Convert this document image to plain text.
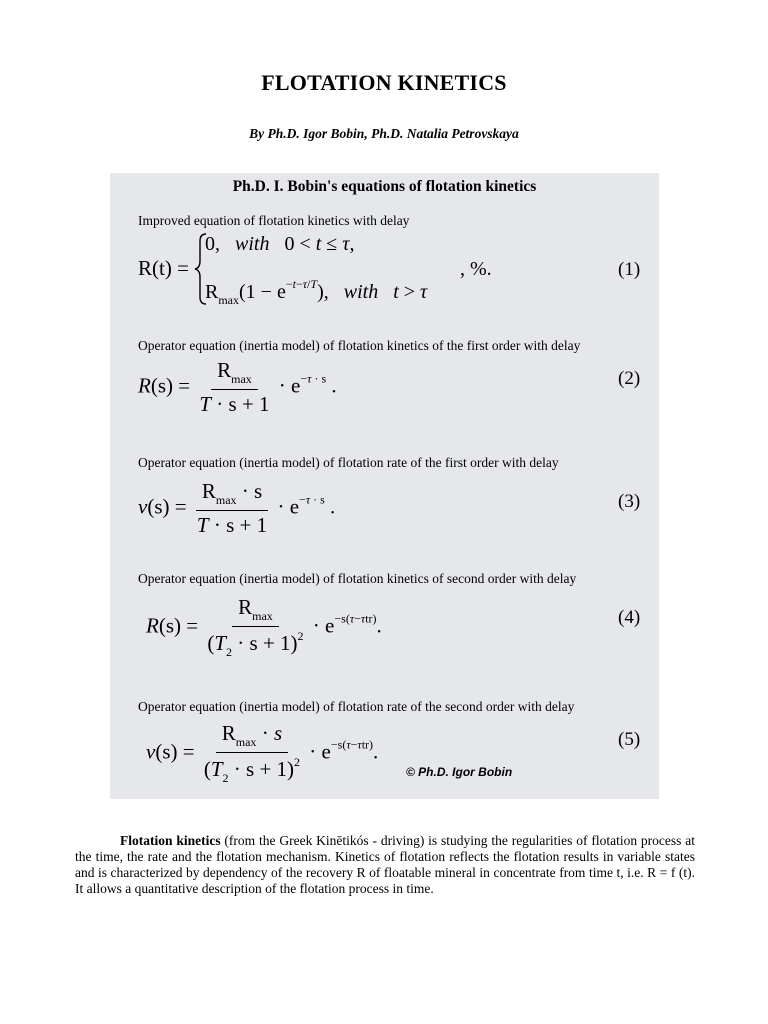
FLOTATION KINETICS
By Ph.D. Igor Bobin, Ph.D. Natalia Petrovskaya
Ph.D. I. Bobin's equations of flotation kinetics
Improved equation of flotation kinetics with delay
R(t) =
0,   with   0 < t ≤ τ,
$R_{max}(1 - e^{-t-\tau/T})$,   with t > τ
, %.	(1)
Operator equation (inertia model) of flotation kinetics of the first order with delay
$R(s) = \frac{R_{max}}{T \cdot s + 1} \cdot e^{-\tau \cdot s}$ .	(2)
Operator equation (inertia model) of flotation rate of the first order with delay
$v(s) = \frac{R_{max} \cdot s}{T \cdot s + 1} \cdot e^{-\tau \cdot s}$ .	(3)
Operator equation (inertia model) of flotation kinetics of second order with delay
$R(s) = \frac{R_{max}}{(T_2 \cdot s + 1)^2} \cdot e^{-s(\tau-\tau tr)}$.	(4)
Operator equation (inertia model) of flotation rate of the second order with delay
$v(s) = \frac{R_{max} \cdot s}{(T_2 \cdot s + 1)^2} \cdot e^{-s(\tau-\tau tr)}$.	(5)
© Ph.D. Igor Bobin

Flotation kinetics (from the Greek Kinētikós - driving) is studying the regularities of flotation process at the time, the rate and the flotation mechanism. Kinetics of flotation reflects the flotation results in variable states and is characterized by dependency of the recovery R of floatable mineral in concentrate from time t, i.e. R = f (t). It allows a quantitative description of the flotation process in time.
